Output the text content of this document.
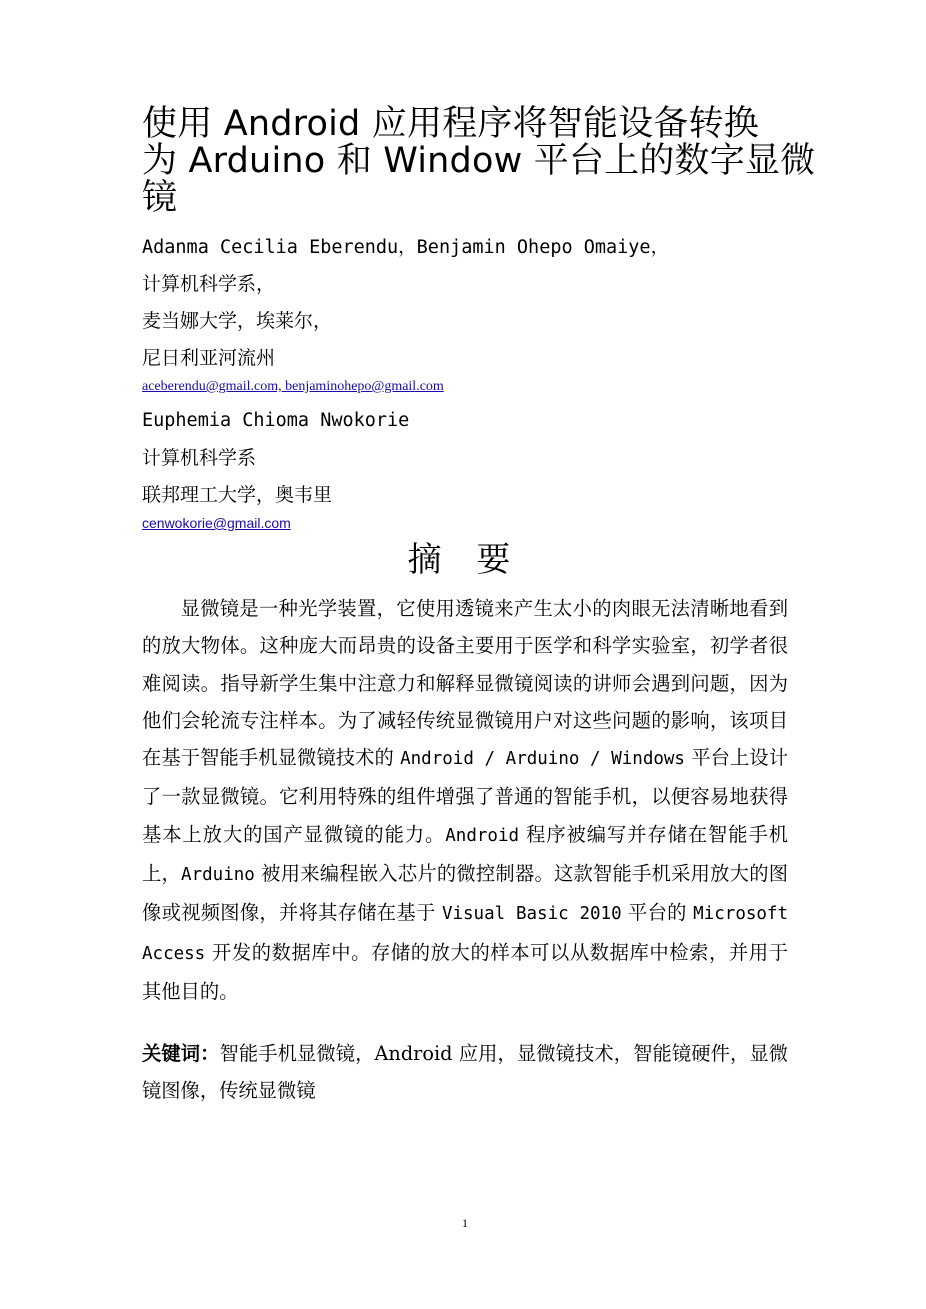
使用 Android 应用程序将智能设备转换
为 Arduino 和 Window 平台上的数字显微
镜
Adanma Cecilia Eberendu，Benjamin Ohepo Omaiye，
计算机科学系，
麦当娜大学，埃莱尔，
尼日利亚河流州
aceberendu@gmail.com, benjaminohepo@gmail.com
Euphemia Chioma Nwokorie
计算机科学系
联邦理工大学，奥韦里
cenwokorie@gmail.com
摘 要

显微镜是一种光学装置，它使用透镜来产生太小的肉眼无法清晰地看到的放大物体。这种庞大而昂贵的设备主要用于医学和科学实验室，初学者很难阅读。指导新学生集中注意力和解释显微镜阅读的讲师会遇到问题，因为他们会轮流专注样本。为了减轻传统显微镜用户对这些问题的影响，该项目在基于智能手机显微镜技术的 Android / Arduino / Windows 平台上设计了一款显微镜。它利用特殊的组件增强了普通的智能手机，以便容易地获得基本上放大的国产显微镜的能力。Android 程序被编写并存储在智能手机上，Arduino 被用来编程嵌入芯片的微控制器。这款智能手机采用放大的图像或视频图像，并将其存储在基于 Visual Basic 2010 平台的 Microsoft Access 开发的数据库中。存储的放大的样本可以从数据库中检索，并用于其他目的。

关键词：智能手机显微镜，Android 应用，显微镜技术，智能镜硬件，显微镜图像，传统显微镜

1
